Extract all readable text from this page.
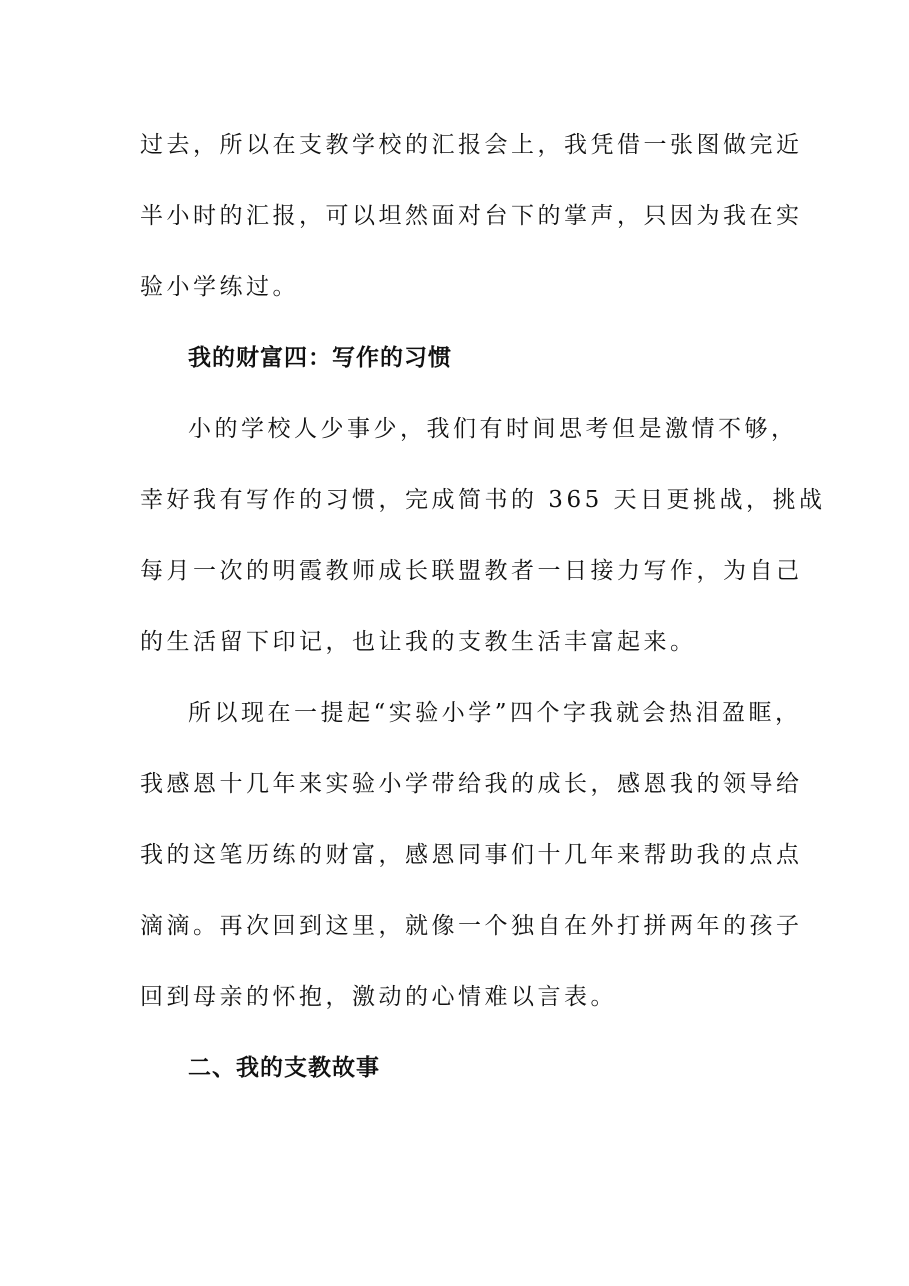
过去，所以在支教学校的汇报会上，我凭借一张图做完近
半小时的汇报，可以坦然面对台下的掌声，只因为我在实
验小学练过。
我的财富四：写作的习惯
小的学校人少事少，我们有时间思考但是激情不够，
幸好我有写作的习惯，完成简书的 365 天日更挑战，挑战
每月一次的明霞教师成长联盟教者一日接力写作，为自己
的生活留下印记，也让我的支教生活丰富起来。
所以现在一提起“实验小学”四个字我就会热泪盈眶，
我感恩十几年来实验小学带给我的成长，感恩我的领导给
我的这笔历练的财富，感恩同事们十几年来帮助我的点点
滴滴。再次回到这里，就像一个独自在外打拼两年的孩子
回到母亲的怀抱，激动的心情难以言表。
二、我的支教故事
